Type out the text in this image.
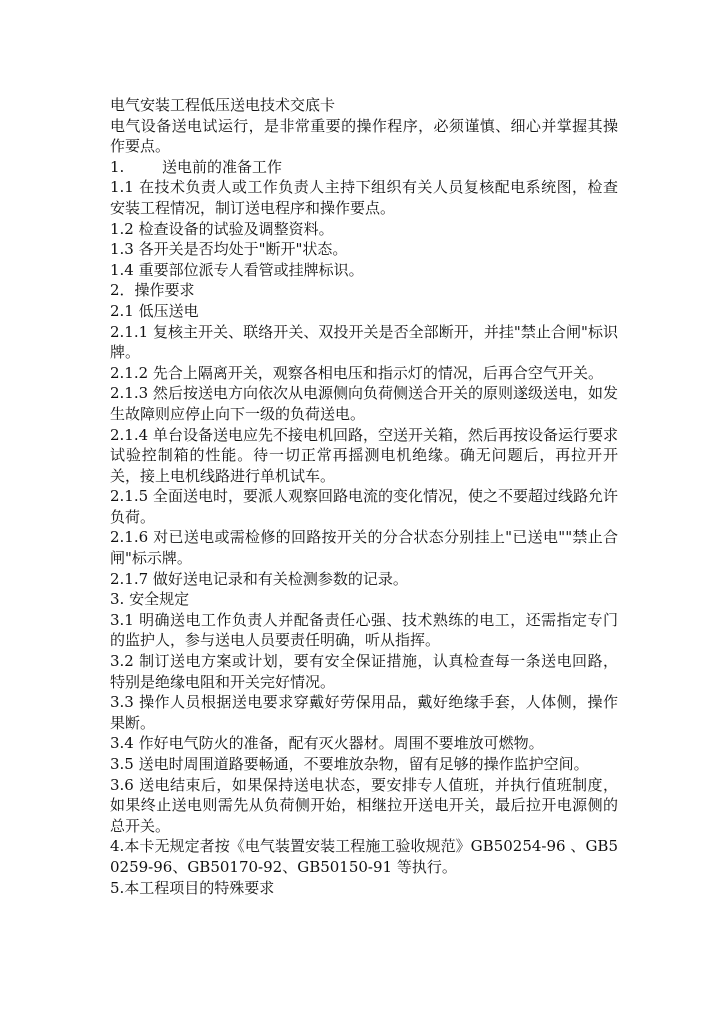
电气安装工程低压送电技术交底卡

电气设备送电试运行，是非常重要的操作程序，必须谨慎、细心并掌握其操作要点。

1.	送电前的准备工作

1.1 在技术负责人或工作负责人主持下组织有关人员复核配电系统图，检查安装工程情况，制订送电程序和操作要点。

1.2 检查设备的试验及调整资料。

1.3 各开关是否均处于"断开"状态。

1.4 重要部位派专人看管或挂牌标识。

2．操作要求

2.1 低压送电

2.1.1 复核主开关、联络开关、双投开关是否全部断开，并挂"禁止合闸"标识牌。

2.1.2 先合上隔离开关，观察各相电压和指示灯的情况，后再合空气开关。

2.1.3 然后按送电方向依次从电源侧向负荷侧送合开关的原则遂级送电，如发生故障则应停止向下一级的负荷送电。

2.1.4 单台设备送电应先不接电机回路，空送开关箱，然后再按设备运行要求试验控制箱的性能。待一切正常再摇测电机绝缘。确无问题后，再拉开开关，接上电机线路进行单机试车。

2.1.5 全面送电时，要派人观察回路电流的变化情况，使之不要超过线路允许负荷。

2.1.6 对已送电或需检修的回路按开关的分合状态分别挂上"已送电""禁止合闸"标示牌。

2.1.7 做好送电记录和有关检测参数的记录。

3. 安全规定

3.1 明确送电工作负责人并配备责任心强、技术熟练的电工，还需指定专门的监护人，参与送电人员要责任明确，听从指挥。

3.2 制订送电方案或计划，要有安全保证措施，认真检查每一条送电回路，特别是绝缘电阻和开关完好情况。

3.3 操作人员根据送电要求穿戴好劳保用品，戴好绝缘手套，人体侧，操作果断。

3.4 作好电气防火的准备，配有灭火器材。周围不要堆放可燃物。

3.5 送电时周围道路要畅通，不要堆放杂物，留有足够的操作监护空间。

3.6 送电结束后，如果保持送电状态，要安排专人值班，并执行值班制度，如果终止送电则需先从负荷侧开始，相继拉开送电开关，最后拉开电源侧的总开关。

4.本卡无规定者按《电气装置安装工程施工验收规范》GB50254-96 、GB50259-96、GB50170-92、GB50150-91 等执行。

5.本工程项目的特殊要求
